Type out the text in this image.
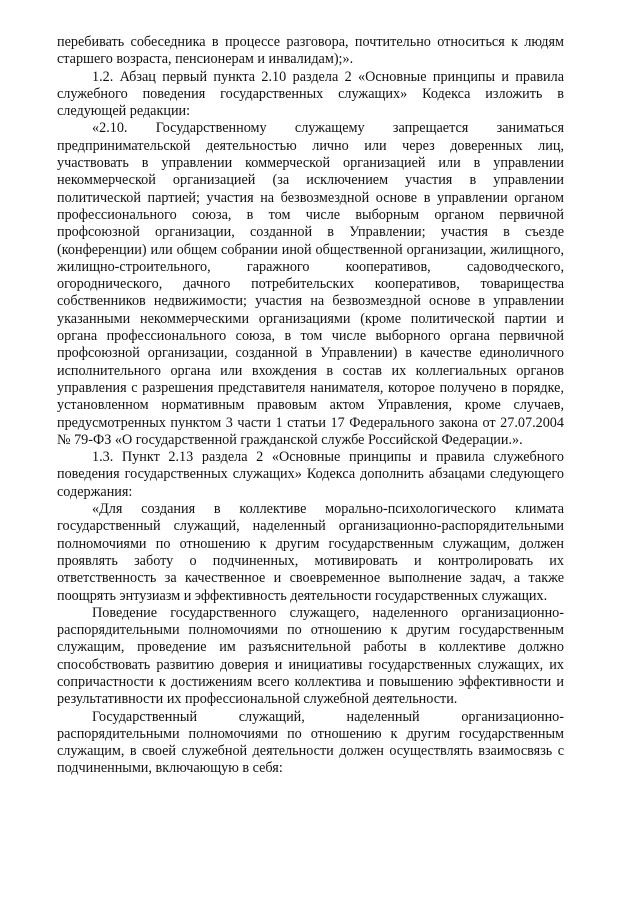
перебивать собеседника в процессе разговора, почтительно относиться к людям старшего возраста, пенсионерам и инвалидам);».

1.2. Абзац первый пункта 2.10 раздела 2 «Основные принципы и правила служебного поведения государственных служащих» Кодекса изложить в следующей редакции:

«2.10. Государственному служащему запрещается заниматься предпринимательской деятельностью лично или через доверенных лиц, участвовать в управлении коммерческой организацией или в управлении некоммерческой организацией (за исключением участия в управлении политической партией; участия на безвозмездной основе в управлении органом профессионального союза, в том числе выборным органом первичной профсоюзной организации, созданной в Управлении; участия в съезде (конференции) или общем собрании иной общественной организации, жилищного, жилищно-строительного, гаражного кооперативов, садоводческого, огороднического, дачного потребительских кооперативов, товарищества собственников недвижимости; участия на безвозмездной основе в управлении указанными некоммерческими организациями (кроме политической партии и органа профессионального союза, в том числе выборного органа первичной профсоюзной организации, созданной в Управлении) в качестве единоличного исполнительного органа или вхождения в состав их коллегиальных органов управления с разрешения представителя нанимателя, которое получено в порядке, установленном нормативным правовым актом Управления, кроме случаев, предусмотренных пунктом 3 части 1 статьи 17 Федерального закона от 27.07.2004 № 79-ФЗ «О государственной гражданской службе Российской Федерации.».

1.3. Пункт 2.13 раздела 2 «Основные принципы и правила служебного поведения государственных служащих» Кодекса дополнить абзацами следующего содержания:

«Для создания в коллективе морально-психологического климата государственный служащий, наделенный организационно-распорядительными полномочиями по отношению к другим государственным служащим, должен проявлять заботу о подчиненных, мотивировать и контролировать их ответственность за качественное и своевременное выполнение задач, а также поощрять энтузиазм и эффективность деятельности государственных служащих.

Поведение государственного служащего, наделенного организационно-распорядительными полномочиями по отношению к другим государственным служащим, проведение им разъяснительной работы в коллективе должно способствовать развитию доверия и инициативы государственных служащих, их сопричастности к достижениям всего коллектива и повышению эффективности и результативности их профессиональной служебной деятельности.

Государственный служащий, наделенный организационно-распорядительными полномочиями по отношению к другим государственным служащим, в своей служебной деятельности должен осуществлять взаимосвязь с подчиненными, включающую в себя:
